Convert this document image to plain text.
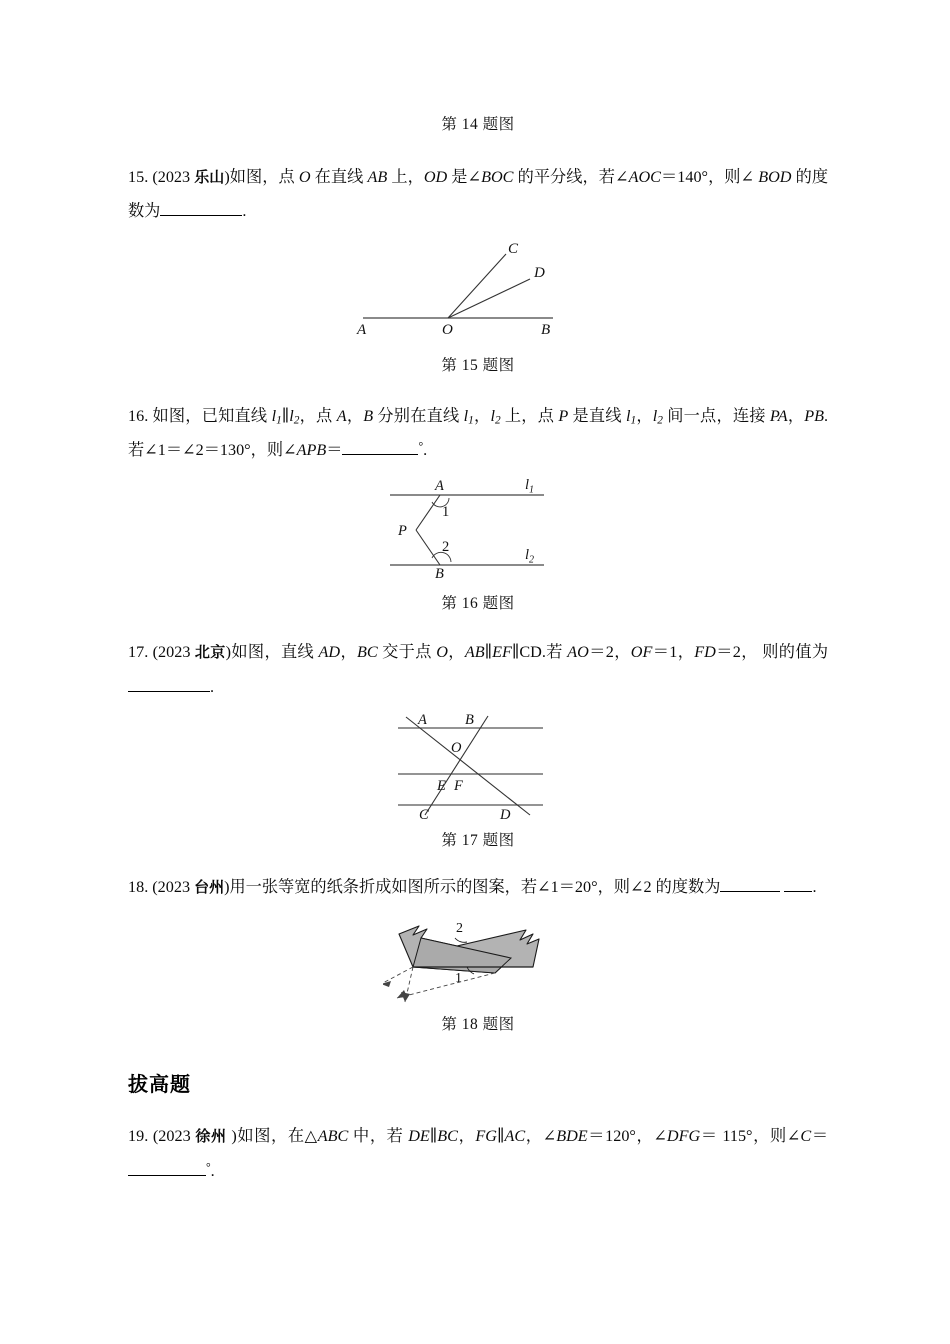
第 14 题图
15. (2023 乐山)如图，点 O 在直线 AB 上，OD 是∠BOC 的平分线，若∠AOC＝140°，则∠ BOD 的度数为	.
A	O	B
C
D
第 15 题图
16. 如图，已知直线 $l_1\parallel l_2$，点 A，B 分别在直线 $l_1$，$l_2$ 上，点 P 是直线 $l_1$，$l_2$ 间一点，连接 PA，PB. 若∠1＝∠2＝130°，则∠APB＝	°.
A
B
P
1
2
$l_1$
$l_2$
第 16 题图
17. (2023 北京)如图，直线 AD，BC 交于点 O，AB∥EF∥CD.若 AO＝2，OF＝1，FD＝2， 则的值为.
A	B
O
E F
C	D
第 17 题图
18. (2023 台州)用一张等宽的纸条折成如图所示的图案，若∠1＝20°，则∠2 的度数为	.
1
2
第 18 题图
拔高题
19. (2023 徐州 )如图，在△ABC 中，若 DE∥BC，FG∥AC，∠BDE＝120°，∠DFG＝ 115°，则∠C＝°.
